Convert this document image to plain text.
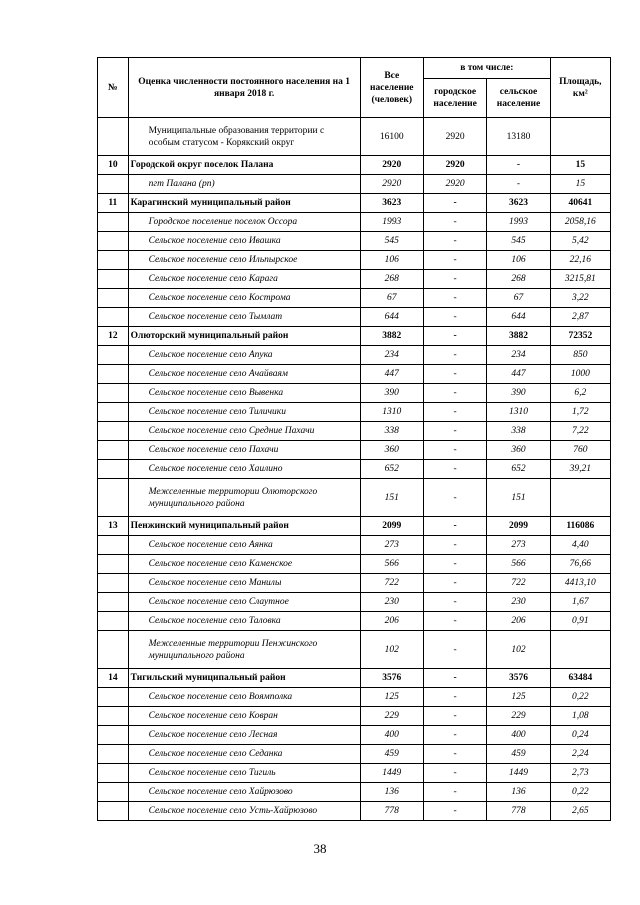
№	Оценка численности постоянного населения на 1 января 2018 г.	Все население (человек)	в том числе:		Площадь, км²
			городское население	сельское население	
	Муниципальные образования территории с особым статусом - Корякский округ	16100	2920	13180	
10	Городской округ поселок Палана	2920	2920	-	15
	пгт Палана (рп)	2920	2920	-	15
11	Карагинский муниципальный район	3623	-	3623	40641
	Городское поселение поселок Оссора	1993	-	1993	2058,16
	Сельское поселение село Ивашка	545	-	545	5,42
	Сельское поселение село Ильпырское	106	-	106	22,16
	Сельское поселение село Карага	268	-	268	3215,81
	Сельское поселение село Кострома	67	-	67	3,22
	Сельское поселение село Тымлат	644	-	644	2,87
12	Олюторский муниципальный район	3882	-	3882	72352
	Сельское поселение село Апука	234	-	234	850
	Сельское поселение село Ачайваям	447	-	447	1000
	Сельское поселение село Вывенка	390	-	390	6,2
	Сельское поселение село Тиличики	1310	-	1310	1,72
	Сельское поселение село Средние Пахачи	338	-	338	7,22
	Сельское поселение село Пахачи	360	-	360	760
	Сельское поселение село Хаилино	652	-	652	39,21
	Межселенные территории Олюторского муниципального района	151	-	151	
13	Пенжинский муниципальный район	2099	-	2099	116086
	Сельское поселение село Аянка	273	-	273	4,40
	Сельское поселение село Каменское	566	-	566	76,66
	Сельское поселение село Манилы	722	-	722	4413,10
	Сельское поселение село Слаутное	230	-	230	1,67
	Сельское поселение село Таловка	206	-	206	0,91
	Межселенные территории Пенжинского муниципального района	102	-	102	
14	Тигильский муниципальный район	3576	-	3576	63484
	Сельское поселение село Воямполка	125	-	125	0,22
	Сельское поселение село Ковран	229	-	229	1,08
	Сельское поселение село Лесная	400	-	400	0,24
	Сельское поселение село Седанка	459	-	459	2,24
	Сельское поселение село Тигиль	1449	-	1449	2,73
	Сельское поселение село Хайрюзово	136	-	136	0,22
	Сельское поселение село Усть-Хайрюзово	778	-	778	2,65
38
